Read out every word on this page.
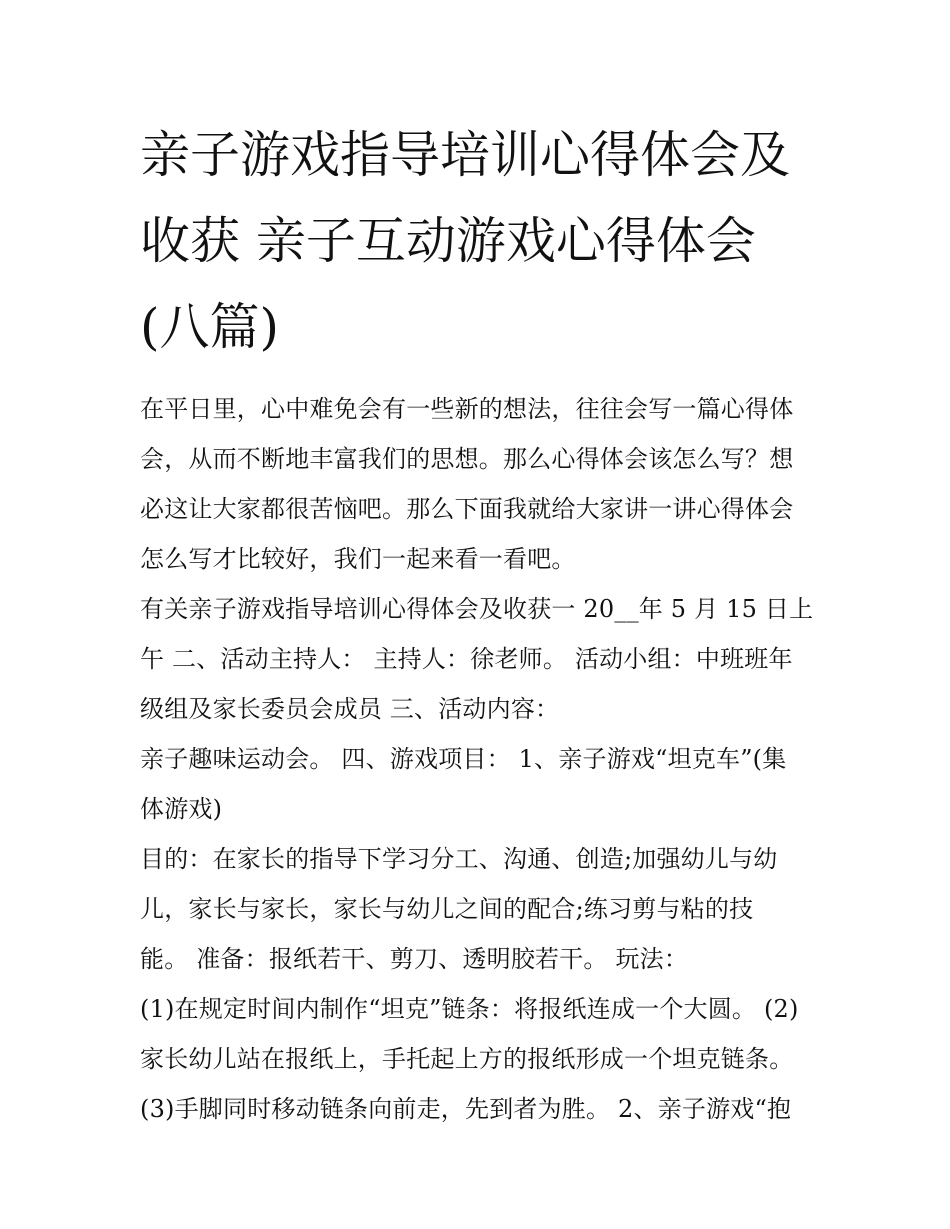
亲子游戏指导培训心得体会及
收获 亲子互动游戏心得体会
(八篇)
在平日里，心中难免会有一些新的想法，往往会写一篇心得体
会，从而不断地丰富我们的思想。那么心得体会该怎么写？想
必这让大家都很苦恼吧。那么下面我就给大家讲一讲心得体会
怎么写才比较好，我们一起来看一看吧。
有关亲子游戏指导培训心得体会及收获一 20__年 5 月 15 日上
午 二、活动主持人： 主持人：徐老师。 活动小组：中班班年
级组及家长委员会成员 三、活动内容：
亲子趣味运动会。 四、游戏项目： 1、亲子游戏“坦克车”(集
体游戏)
目的：在家长的指导下学习分工、沟通、创造;加强幼儿与幼
儿，家长与家长，家长与幼儿之间的配合;练习剪与粘的技
能。 准备：报纸若干、剪刀、透明胶若干。 玩法：
(1)在规定时间内制作“坦克”链条：将报纸连成一个大圆。 (2)
家长幼儿站在报纸上，手托起上方的报纸形成一个坦克链条。
(3)手脚同时移动链条向前走，先到者为胜。 2、亲子游戏“抱
